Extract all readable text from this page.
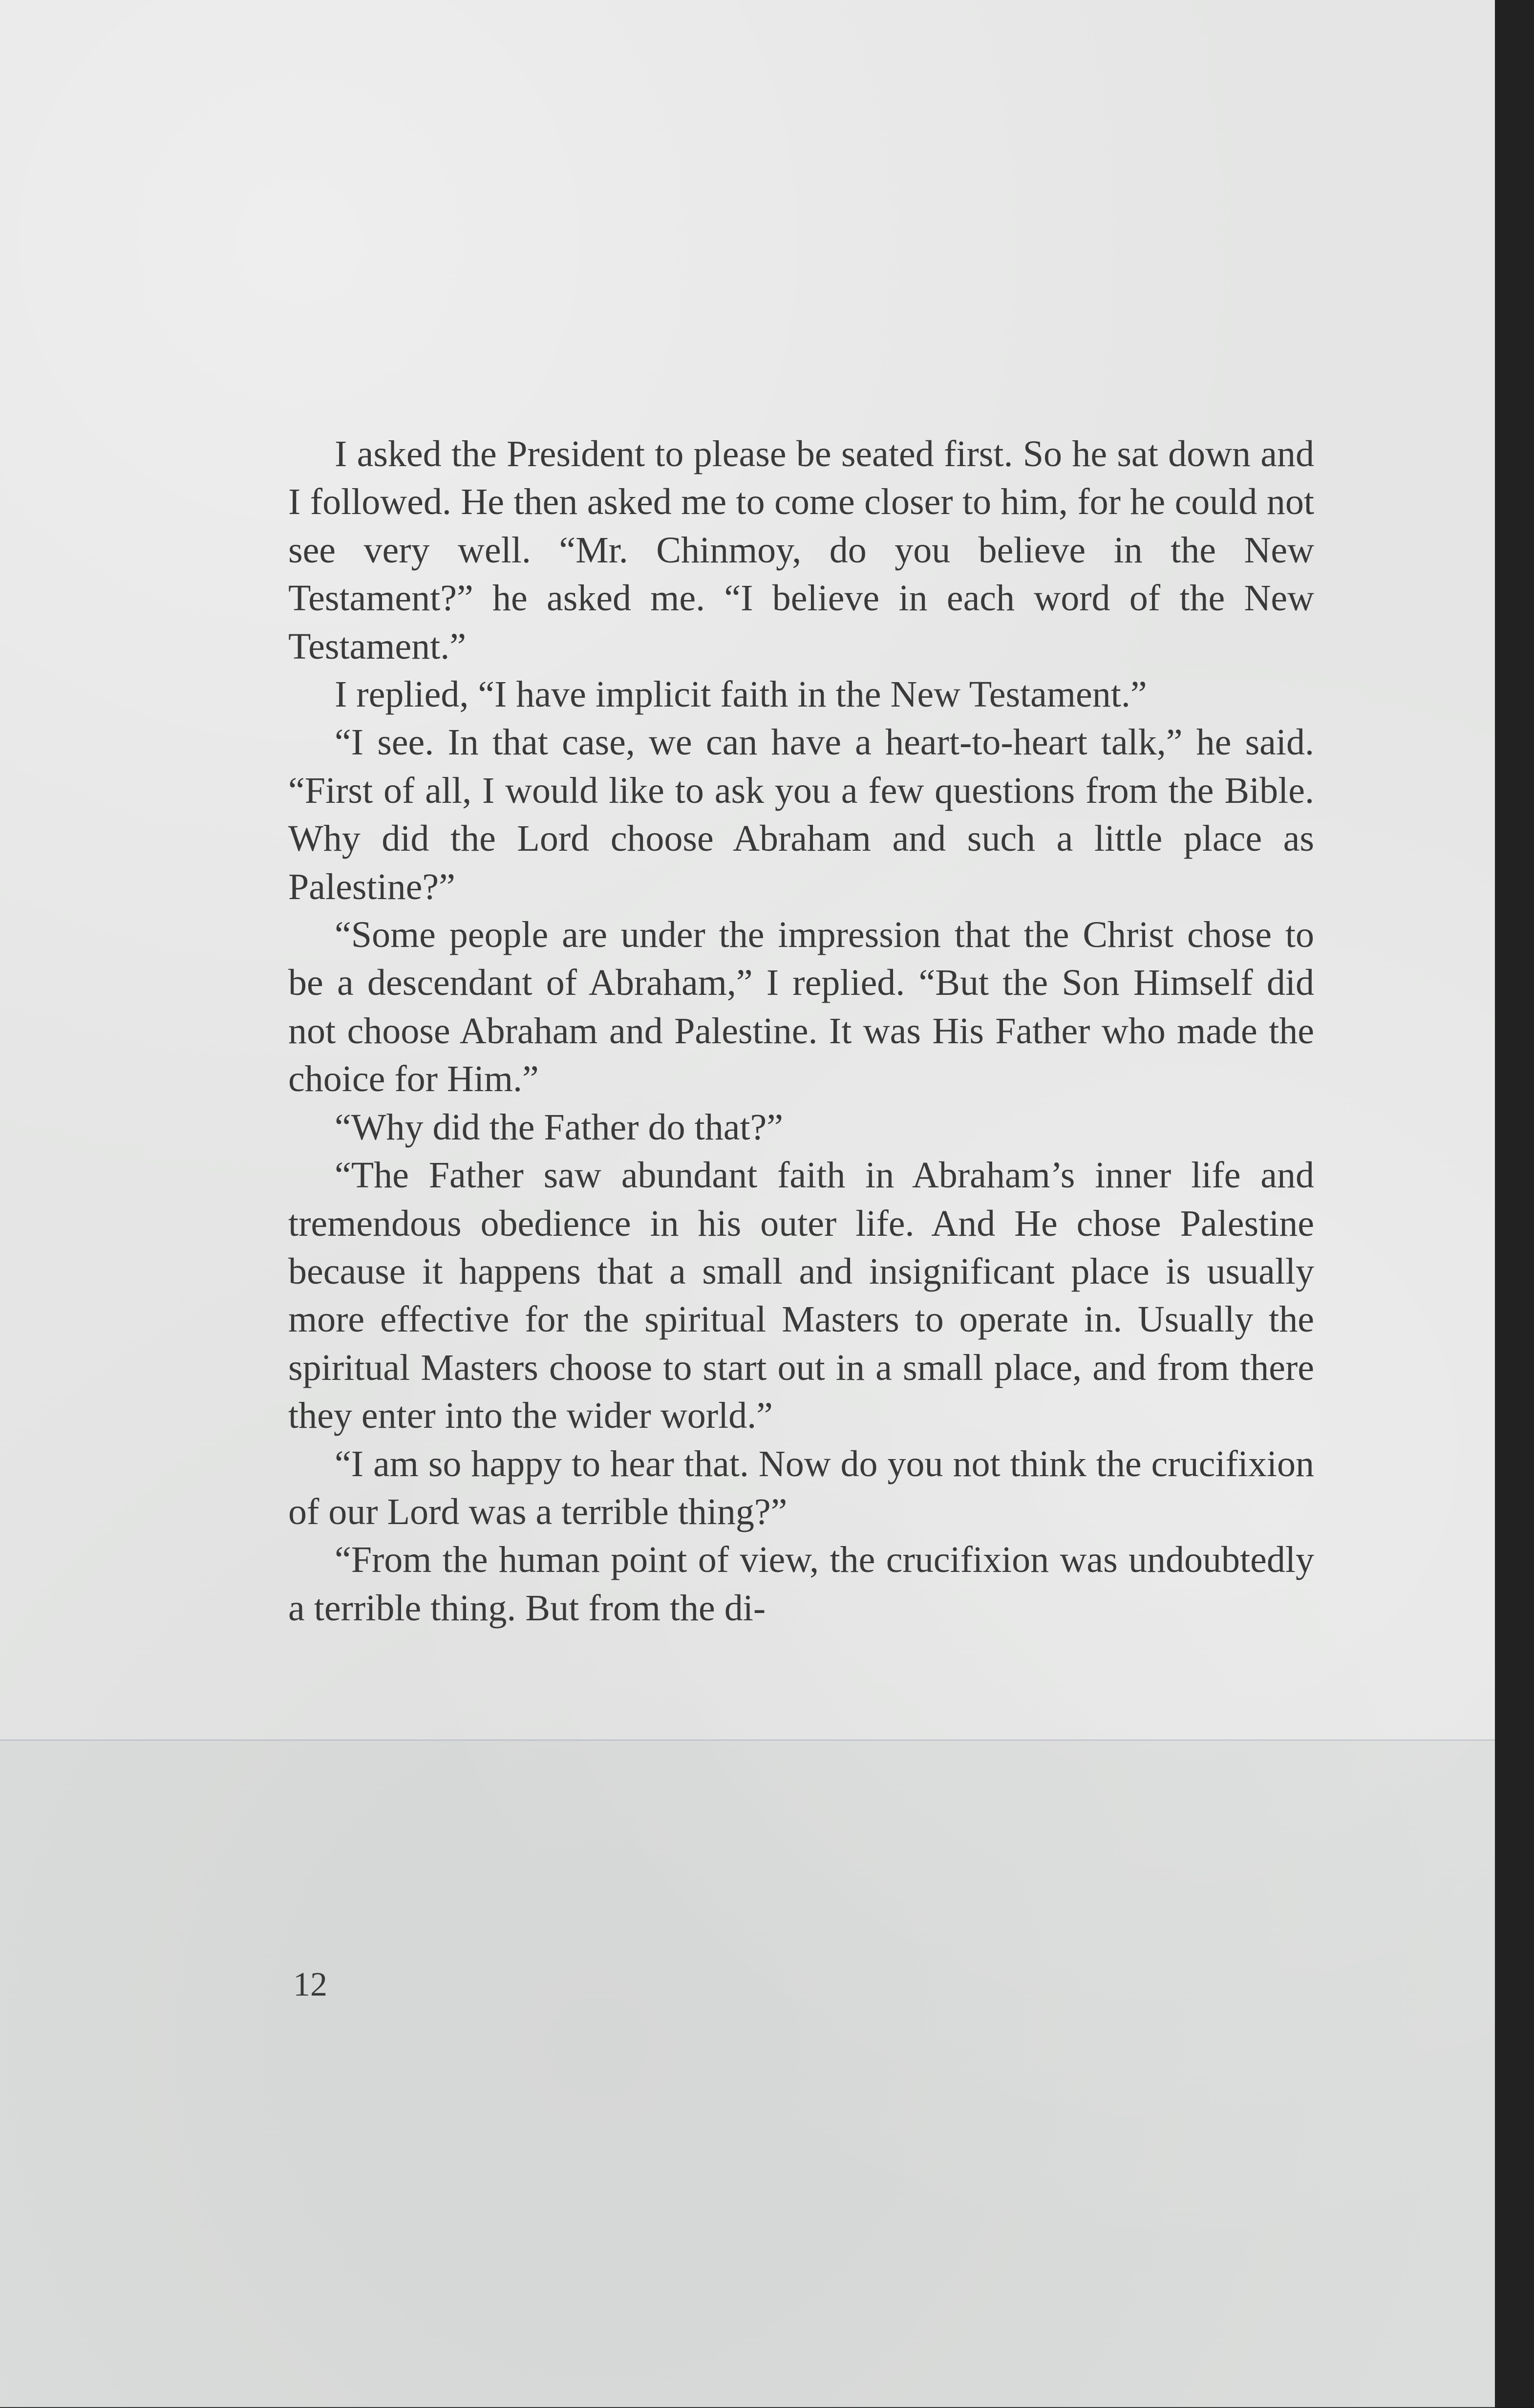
I asked the President to please be seated first. So he sat down and I followed. He then asked me to come closer to him, for he could not see very well. “Mr. Chinmoy, do you believe in the New Testament?” he asked me. “I believe in each word of the New Testament.”

I replied, “I have implicit faith in the New Testament.”

“I see. In that case, we can have a heart-to-heart talk,” he said. “First of all, I would like to ask you a few questions from the Bible. Why did the Lord choose Abraham and such a little place as Palestine?”

“Some people are under the impression that the Christ chose to be a descendant of Abraham,” I replied. “But the Son Himself did not choose Abraham and Palestine. It was His Father who made the choice for Him.”

“Why did the Father do that?”

“The Father saw abundant faith in Abraham’s inner life and tremendous obedience in his outer life. And He chose Palestine because it happens that a small and insignificant place is usually more effective for the spiritual Masters to operate in. Usually the spiritual Masters choose to start out in a small place, and from there they enter into the wider world.”

“I am so happy to hear that. Now do you not think the crucifixion of our Lord was a terrible thing?”

“From the human point of view, the crucifixion was undoubtedly a terrible thing. But from the di-

12
